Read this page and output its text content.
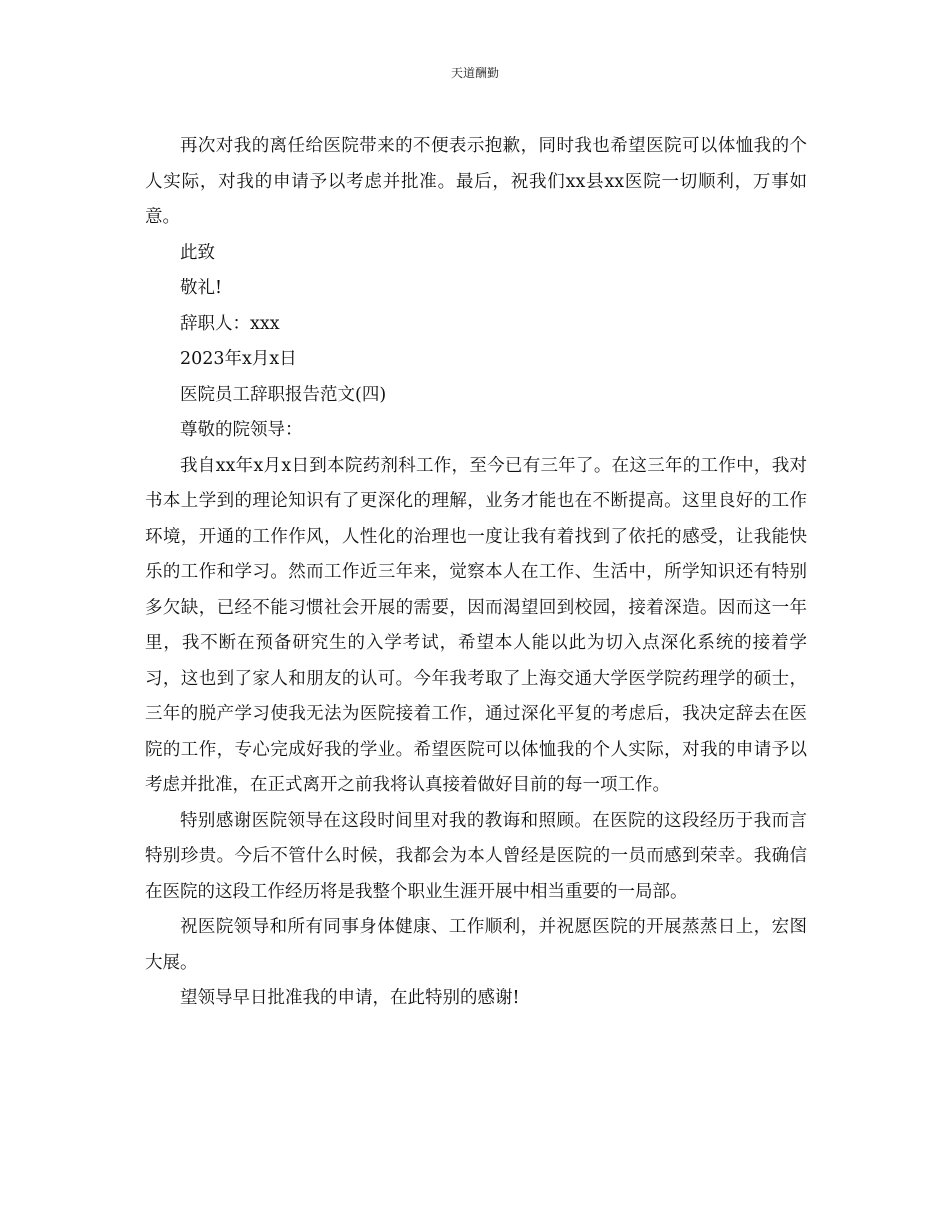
天道酬勤

再次对我的离任给医院带来的不便表示抱歉，同时我也希望医院可以体恤我的个人实际，对我的申请予以考虑并批准。最后，祝我们xx县xx医院一切顺利，万事如意。

此致

敬礼!

辞职人：xxx

2023年x月x日

医院员工辞职报告范文(四)

尊敬的院领导：

我自xx年x月x日到本院药剂科工作，至今已有三年了。在这三年的工作中，我对书本上学到的理论知识有了更深化的理解，业务才能也在不断提高。这里良好的工作环境，开通的工作作风，人性化的治理也一度让我有着找到了依托的感受，让我能快乐的工作和学习。然而工作近三年来，觉察本人在工作、生活中，所学知识还有特别多欠缺，已经不能习惯社会开展的需要，因而渴望回到校园，接着深造。因而这一年里，我不断在预备研究生的入学考试，希望本人能以此为切入点深化系统的接着学习，这也到了家人和朋友的认可。今年我考取了上海交通大学医学院药理学的硕士，三年的脱产学习使我无法为医院接着工作，通过深化平复的考虑后，我决定辞去在医院的工作，专心完成好我的学业。希望医院可以体恤我的个人实际，对我的申请予以考虑并批准，在正式离开之前我将认真接着做好目前的每一项工作。

特别感谢医院领导在这段时间里对我的教诲和照顾。在医院的这段经历于我而言特别珍贵。今后不管什么时候，我都会为本人曾经是医院的一员而感到荣幸。我确信在医院的这段工作经历将是我整个职业生涯开展中相当重要的一局部。

祝医院领导和所有同事身体健康、工作顺利，并祝愿医院的开展蒸蒸日上，宏图大展。

望领导早日批准我的申请，在此特别的感谢!
